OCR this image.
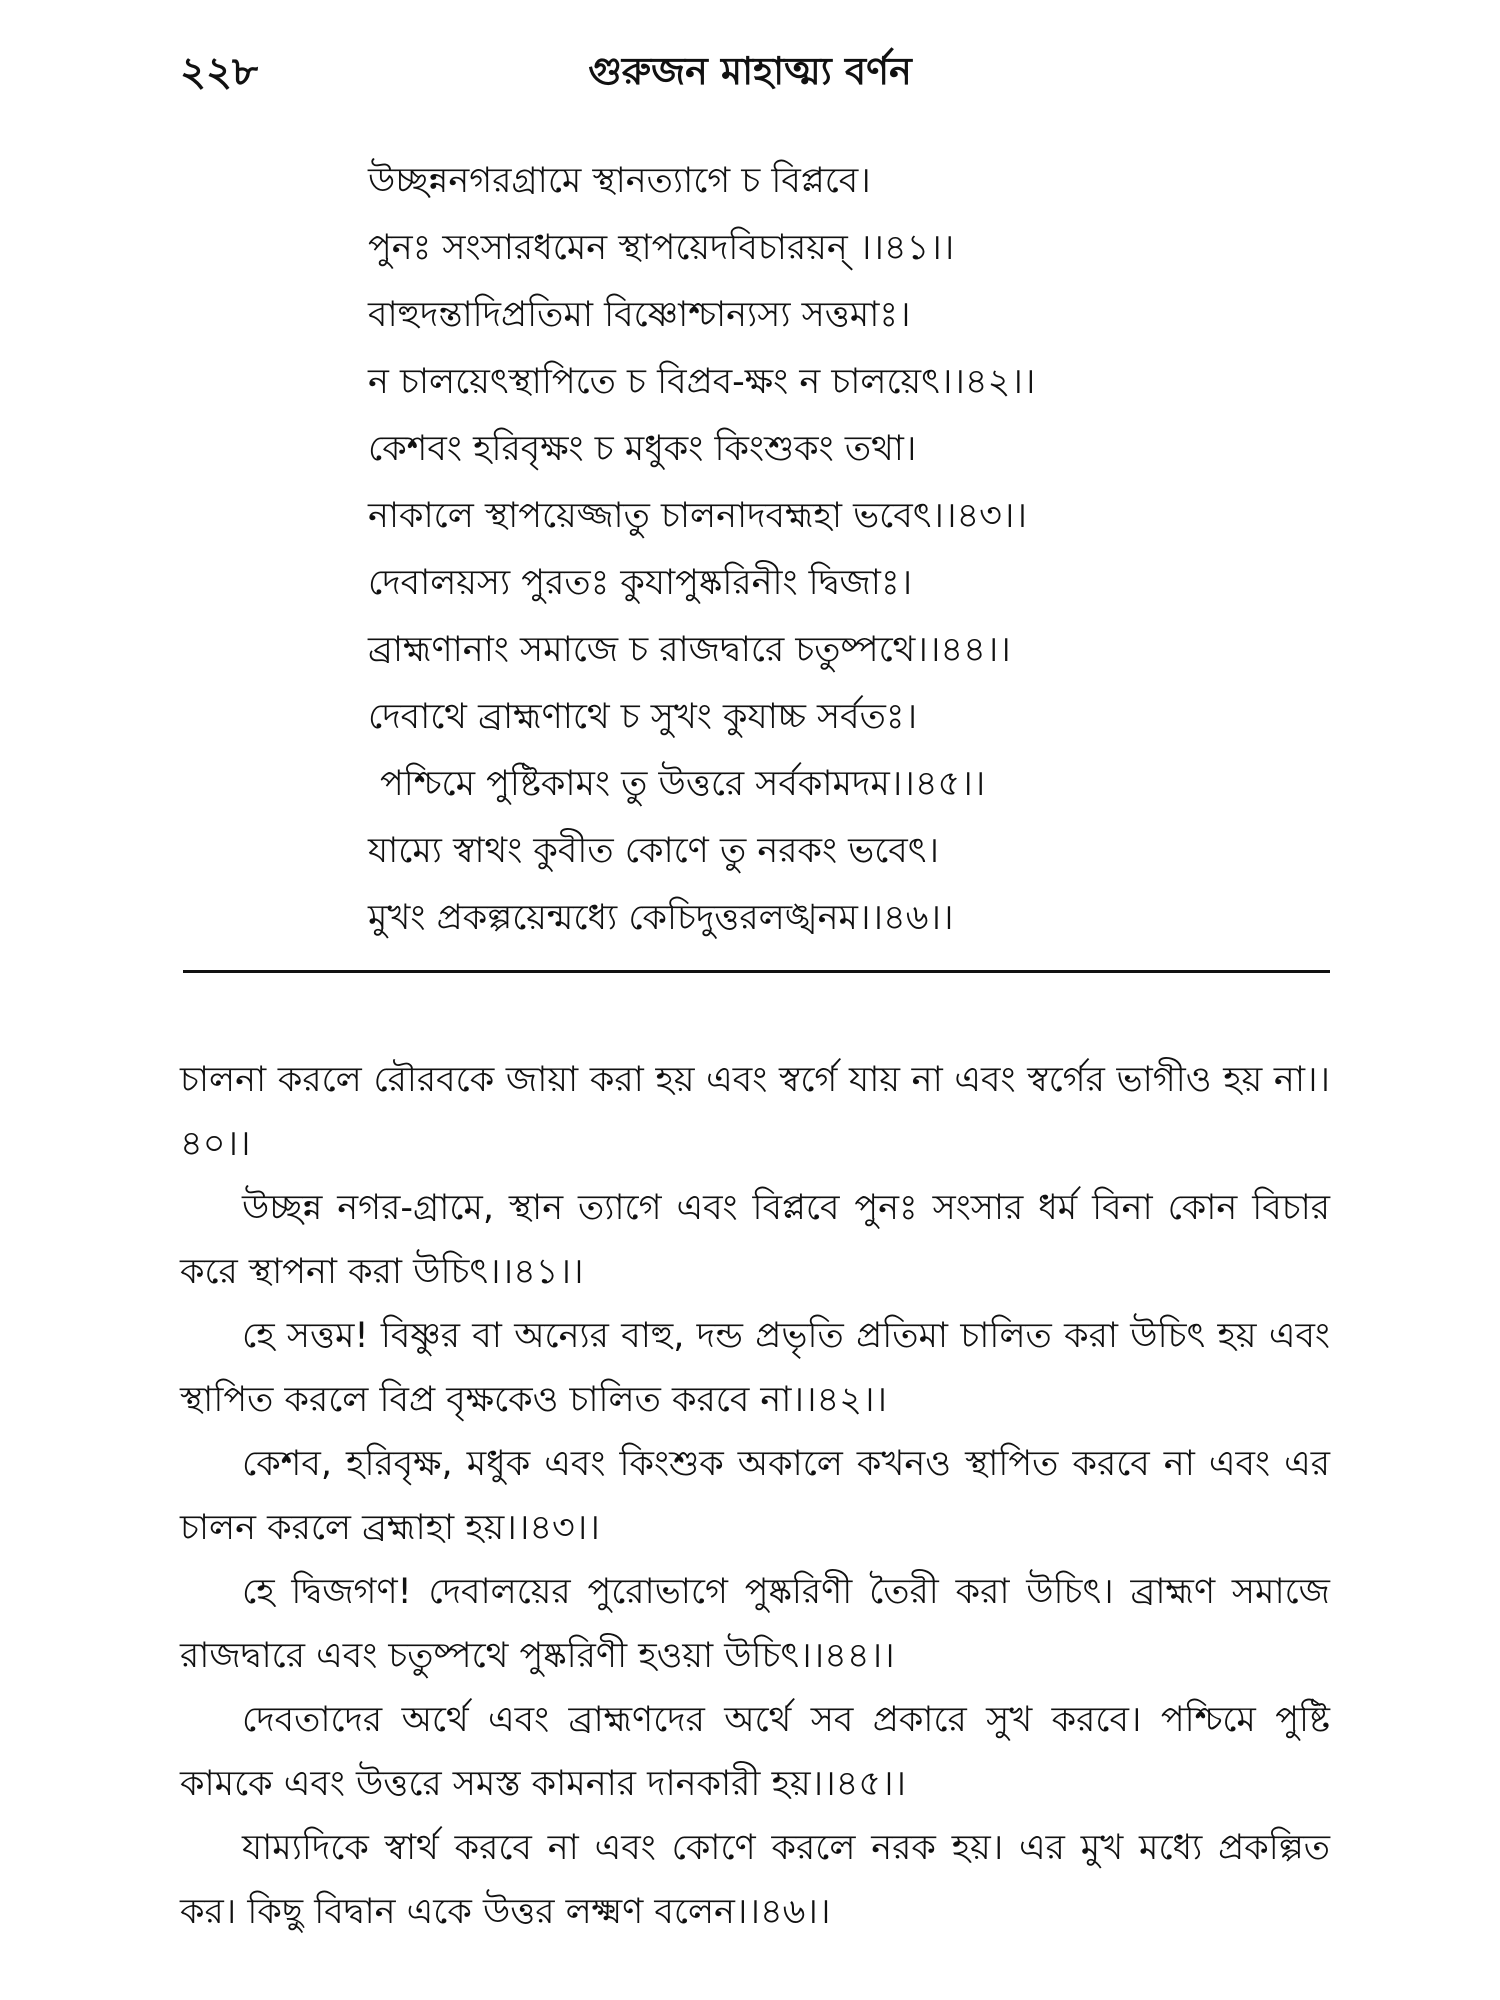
২২৮	গুরুজন মাহাত্ম্য বর্ণন
উচ্ছন্ননগরগ্রামে স্থানত্যাগে চ বিপ্লবে।
পুনঃ সংসারধমেন স্থাপয়েদবিচারয়ন্ ।।৪১।।
বাহুদন্তাদিপ্রতিমা বিষ্ণোশ্চান্যস্য সত্তমাঃ।
ন চালয়েৎস্থাপিতে চ বিপ্রব-ক্ষং ন চালয়েৎ।।৪২।।
কেশবং হরিবৃক্ষং চ মধুকং কিংশুকং তথা।
নাকালে স্থাপয়েজ্জাতু চালনাদবহ্মহা ভবেৎ।।৪৩।।
দেবালয়স্য পুরতঃ কুযাপুষ্করিনীং দ্বিজাঃ।
ব্রাহ্মণানাং সমাজে চ রাজদ্বারে চতুষ্পথে।।৪৪।।
দেবাথে ব্রাহ্মণাথে চ সুখং কুযাচ্চ সর্বতঃ।
পশ্চিমে পুষ্টিকামং তু উত্তরে সর্বকামদম।।৪৫।।
যাম্যে স্বাথং কুবীত কোণে তু নরকং ভবেৎ।
মুখং প্রকল্পয়েন্মধ্যে কেচিদুত্তরলঙ্খনম।।৪৬।।

চালনা করলে রৌরবকে জায়া করা হয় এবং স্বর্গে যায় না এবং স্বর্গের ভাগীও হয় না।।৪০।।

উচ্ছন্ন নগর-গ্রামে, স্থান ত্যাগে এবং বিপ্লবে পুনঃ সংসার ধর্ম বিনা কোন বিচার করে স্থাপনা করা উচিৎ।।৪১।।

হে সত্তম! বিষ্ণুর বা অন্যের বাহু, দন্ড প্রভৃতি প্রতিমা চালিত করা উচিৎ হয় এবং স্থাপিত করলে বিপ্র বৃক্ষকেও চালিত করবে না।।৪২।।

কেশব, হরিবৃক্ষ, মধুক এবং কিংশুক অকালে কখনও স্থাপিত করবে না এবং এর চালন করলে ব্রহ্মাহা হয়।।৪৩।।

হে দ্বিজগণ! দেবালয়ের পুরোভাগে পুষ্করিণী তৈরী করা উচিৎ। ব্রাহ্মণ সমাজে রাজদ্বারে এবং চতুষ্পথে পুষ্করিণী হওয়া উচিৎ।।৪৪।।

দেবতাদের অর্থে এবং ব্রাহ্মণদের অর্থে সব প্রকারে সুখ করবে। পশ্চিমে পুষ্টি কামকে এবং উত্তরে সমস্ত কামনার দানকারী হয়।।৪৫।।

যাম্যদিকে স্বার্থ করবে না এবং কোণে করলে নরক হয়। এর মুখ মধ্যে প্রকল্পিত কর। কিছু বিদ্বান একে উত্তর লক্ষ্মণ বলেন।।৪৬।।
